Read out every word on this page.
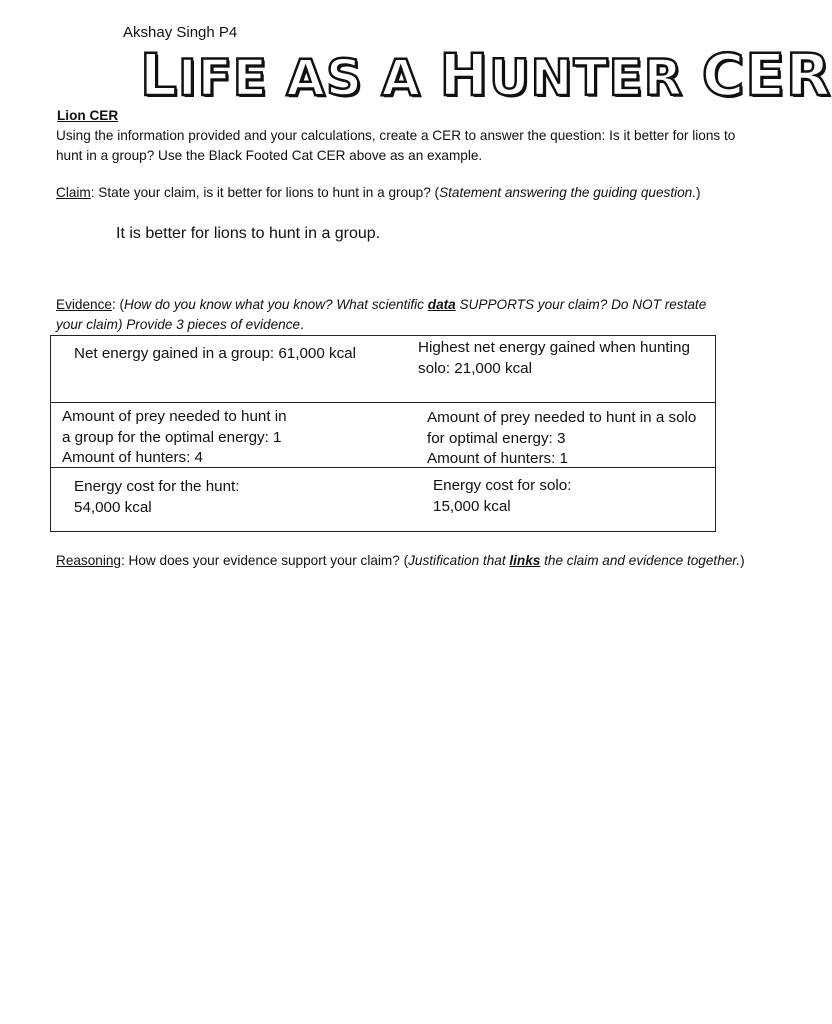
Akshay Singh P4
LIFE AS A HUNTER CER
Lion CER
Using the information provided and your calculations, create a CER to answer the question: Is it better for lions to hunt in a group? Use the Black Footed Cat CER above as an example.
Claim: State your claim, is it better for lions to hunt in a group? (Statement answering the guiding question.)
It is better for lions to hunt in a group.
Evidence: (How do you know what you know? What scientific data SUPPORTS your claim? Do NOT restate your claim) Provide 3 pieces of evidence.
Net energy gained in a group: 61,000 kcal	Highest net energy gained when hunting solo: 21,000 kcal
Amount of prey needed to hunt in
a group for the optimal energy: 1
Amount of hunters: 4
Amount of prey needed to hunt in a solo
for optimal energy: 3
Amount of hunters: 1
Energy cost for the hunt:
54,000 kcal
Energy cost for solo:
15,000 kcal
Reasoning: How does your evidence support your claim? (Justification that links the claim and evidence together.)
